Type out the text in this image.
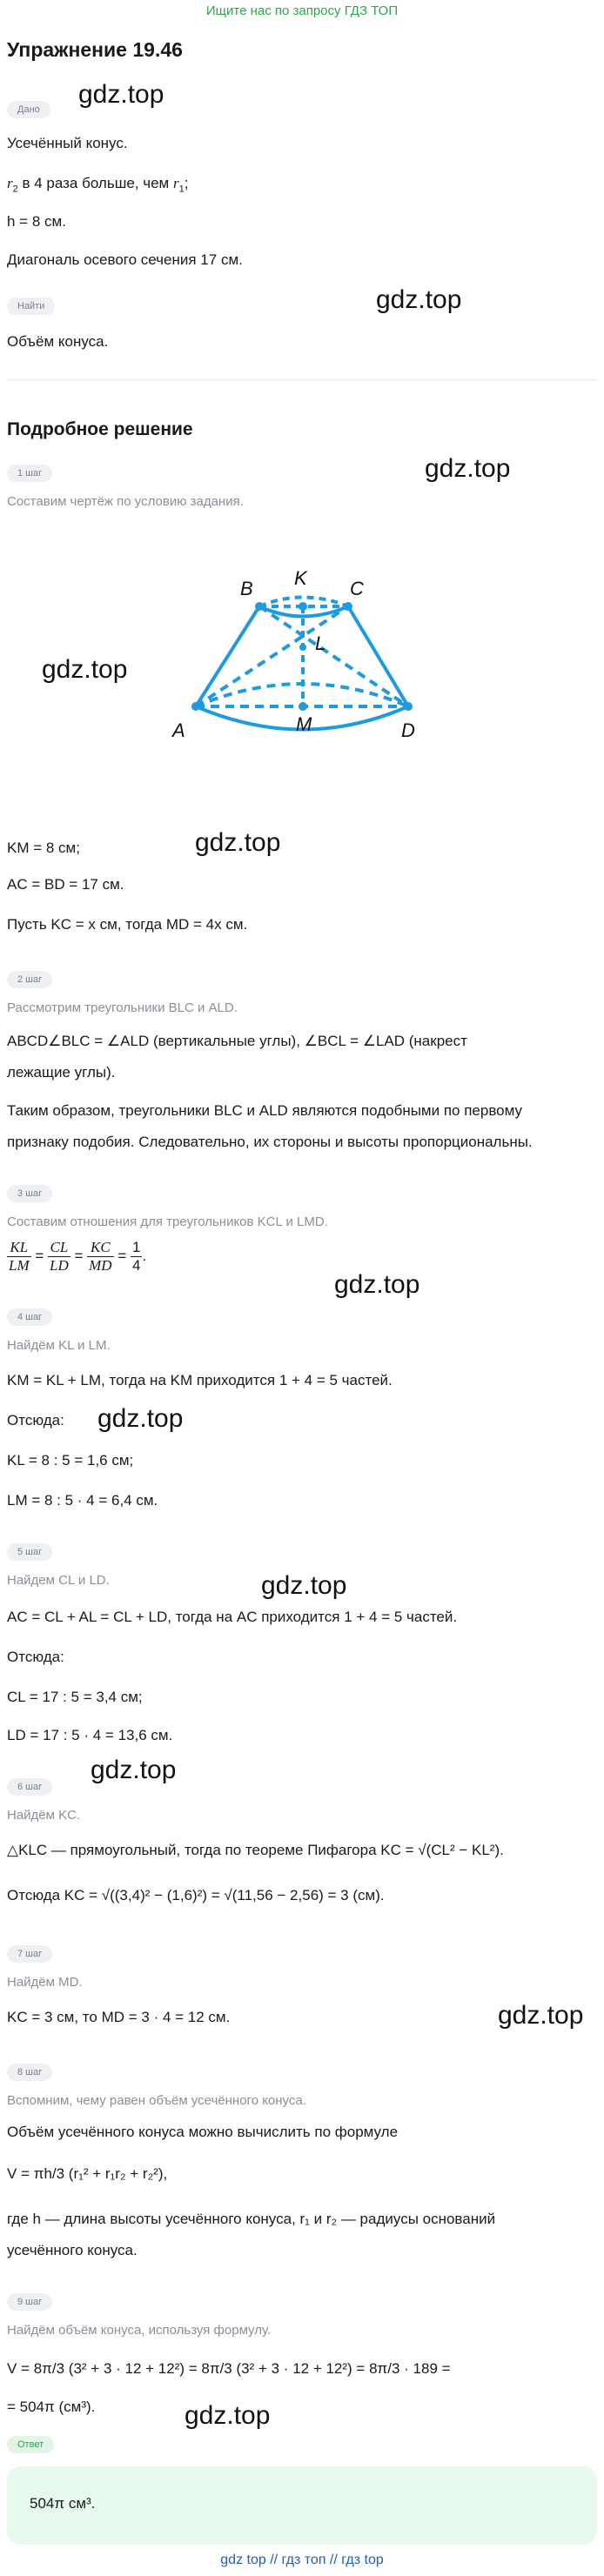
Ищите нас по запросу ГДЗ ТОП
Упражнение 19.46
gdz.top
gdz.top
gdz.top
gdz.top
gdz.top
gdz.top
gdz.top
gdz.top
gdz.top
gdz.top
gdz.top
Дано
Усечённый конус.
$r_2$ в 4 раза больше, чем $r_1$;
h = 8 см.
Диагональ осевого сечения 17 см.
Найти
Объём конуса.
Подробное решение
1 шаг
Составим чертёж по условию задания.
B K C
L
A	M	D
KM = 8 см;
AC = BD = 17 см.
Пусть KC = x см, тогда MD = 4x см.
2 шаг
Рассмотрим треугольники BLC и ALD.
ABCD∠BLC = ∠ALD (вертикальные углы), ∠BCL = ∠LAD (накрест
лежащие углы).
Таким образом, треугольники BLC и ALD являются подобными по первому
признаку подобия. Следовательно, их стороны и высоты пропорциональны.
3 шаг
Составим отношения для треугольников KCL и LMD.
$\frac{KL}{LM} = \frac{CL}{LD} = \frac{KC}{MD} = \frac{1}{4}$ .
4 шаг
Найдём KL и LM.
KM = KL + LM, тогда на KM приходится 1 + 4 = 5 частей.
Отсюда:
KL = 8 : 5 = 1,6 см;
LM = 8 : 5 · 4 = 6,4 см.
5 шаг
Найдем CL и LD.
AC = CL + AL = CL + LD, тогда на AC приходится 1 + 4 = 5 частей.
Отсюда:
CL = 17 : 5 = 3,4 см;
LD = 17 : 5 · 4 = 13,6 см.
6 шаг
Найдём KC.
△KLC — прямоугольный, тогда по теореме Пифагора KC = √(CL² − KL²).
Отсюда KC = √((3,4)² − (1,6)²) = √(11,56 − 2,56) = 3 (см).
7 шаг
Найдём MD.
KC = 3 см, то MD = 3 · 4 = 12 см.
8 шаг
Вспомним, чему равен объём усечённого конуса.
Объём усечённого конуса можно вычислить по формуле
V = πh/3 (r₁² + r₁r₂ + r₂²),
где h — длина высоты усечённого конуса, r₁ и r₂ — радиусы оснований
усечённого конуса.
9 шаг
Найдём объём конуса, используя формулу.
V = 8π/3 (3² + 3 · 12 + 12²) = 8π/3 (3² + 3 · 12 + 12²) = 8π/3 · 189 =
= 504π (см³).
Ответ
504π см³.
gdz top // гдз топ // гдз top
